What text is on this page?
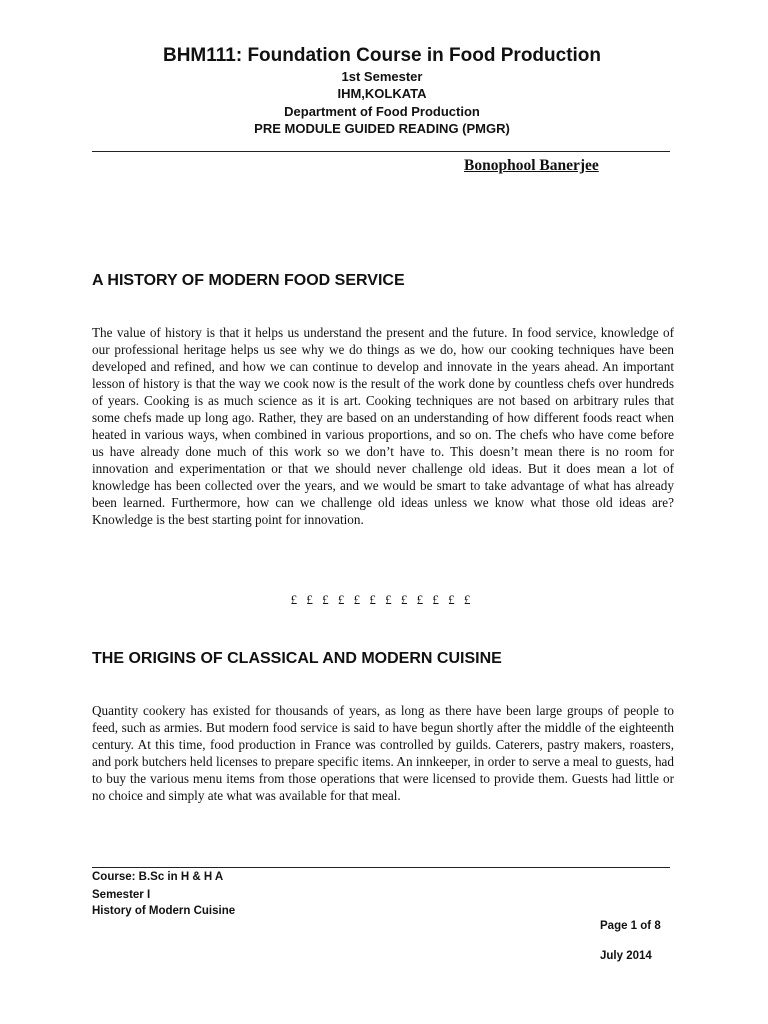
BHM111: Foundation Course in Food Production
1st Semester
IHM,KOLKATA
Department of Food Production
PRE MODULE GUIDED READING (PMGR)
Bonophool Banerjee
A HISTORY OF MODERN FOOD SERVICE

The value of history is that it helps us understand the present and the future. In food service, knowledge of our professional heritage helps us see why we do things as we do, how our cooking techniques have been developed and refined, and how we can continue to develop and innovate in the years ahead. An important lesson of history is that the way we cook now is the result of the work done by countless chefs over hundreds of years. Cooking is as much science as it is art. Cooking techniques are not based on arbitrary rules that some chefs made up long ago. Rather, they are based on an understanding of how different foods react when heated in various ways, when combined in various proportions, and so on. The chefs who have come before us have already done much of this work so we don’t have to. This doesn’t mean there is no room for innovation and experimentation or that we should never challenge old ideas. But it does mean a lot of knowledge has been collected over the years, and we would be smart to take advantage of what has already been learned. Furthermore, how can we challenge old ideas unless we know what those old ideas are? Knowledge is the best starting point for innovation.

£ £ £ £ £ £ £ £ £ £ £ £
THE ORIGINS OF CLASSICAL AND MODERN CUISINE

Quantity cookery has existed for thousands of years, as long as there have been large groups of people to feed, such as armies. But modern food service is said to have begun shortly after the middle of the eighteenth century. At this time, food production in France was controlled by guilds. Caterers, pastry makers, roasters, and pork butchers held licenses to prepare specific items. An innkeeper, in order to serve a meal to guests, had to buy the various menu items from those operations that were licensed to provide them. Guests had little or no choice and simply ate what was available for that meal.

Course: B.Sc in H & H A
Semester I
History of Modern Cuisine
Page 1 of 8
July 2014
